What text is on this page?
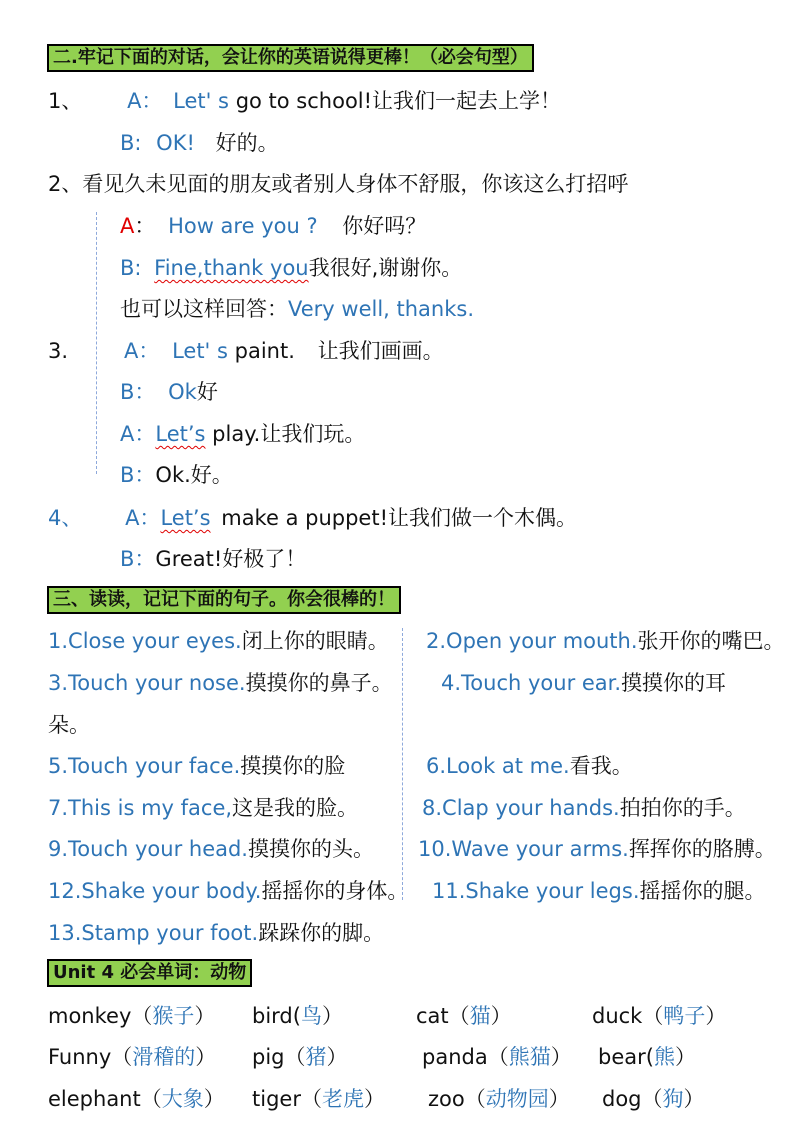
二.牢记下面的对话，会让你的英语说得更棒！（必会句型）
1、 A： Let' s go to school!让我们一起去上学！
B: OK! 好的。
2、看见久未见面的朋友或者别人身体不舒服，你该这么打招呼
A： How are you ? 你好吗？
B: Fine,thank you我很好,谢谢你。
也可以这样回答：Very well, thanks.
3.	A： Let' s paint. 让我们画画。
B： Ok好
A：Let’s play.让我们玩。
B：Ok.好。
4、 A：Let’s make a puppet!让我们做一个木偶。
B：Great!好极了！
三、读读，记记下面的句子。你会很棒的！
1.Close your eyes.闭上你的眼睛。 2.Open your mouth.张开你的嘴巴。
3.Touch your nose.摸摸你的鼻子。 4.Touch your ear.摸摸你的耳
朵。
5.Touch your face.摸摸你的脸	6.Look at me.看我。
7.This is my face,这是我的脸。	8.Clap your hands.拍拍你的手。
9.Touch your head.摸摸你的头。 10.Wave your arms.挥挥你的胳膊。
12.Shake your body.摇摇你的身体。 11.Shake your legs.摇摇你的腿。
13.Stamp your foot.跺跺你的脚。
Unit 4 必会单词：动物
monkey（猴子） bird(鸟）	cat（猫）	duck（鸭子）
Funny（滑稽的） pig（猪）	panda（熊猫） bear(熊）
elephant（大象） tiger（老虎） zoo（动物园） dog（狗）
